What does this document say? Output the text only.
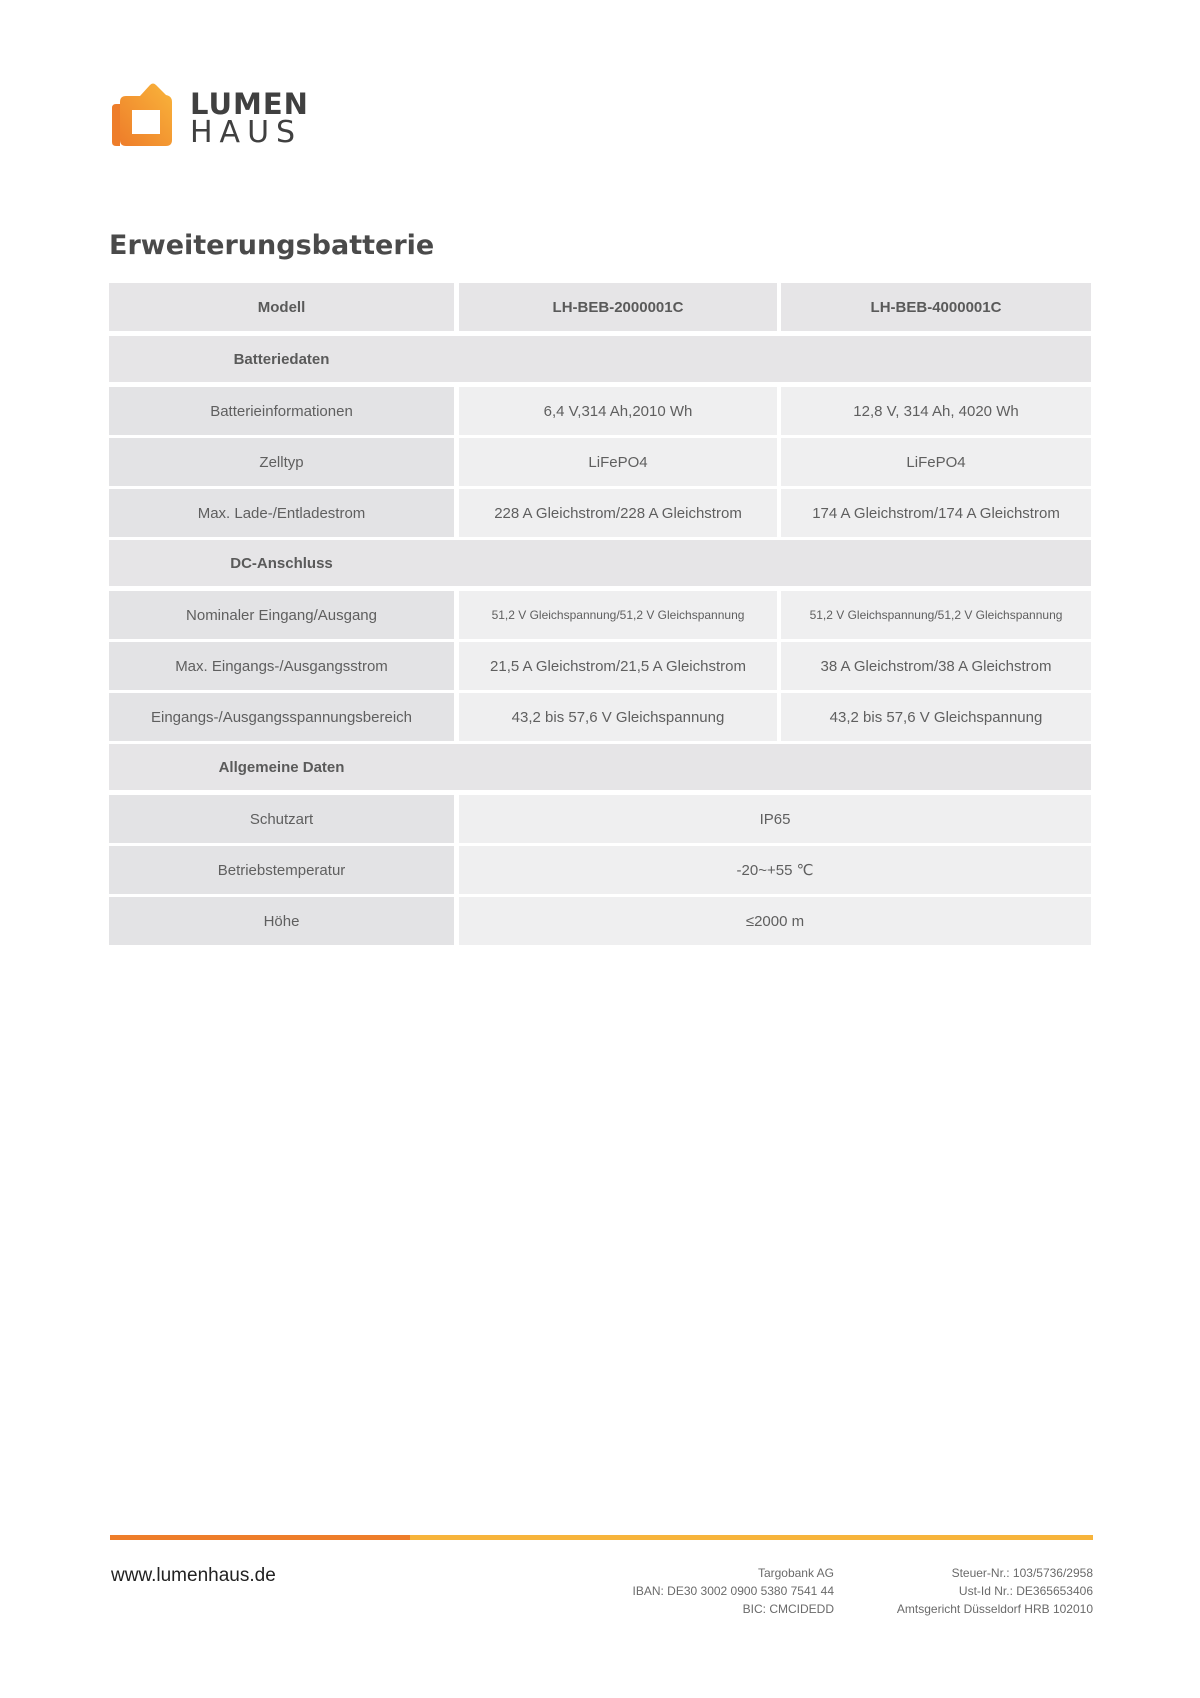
LUMEN
HAUS
Erweiterungsbatterie
Modell	LH-BEB-2000001C	LH-BEB-4000001C
Batteriedaten
Batterieinformationen	6,4 V,314 Ah,2010 Wh	12,8 V, 314 Ah, 4020 Wh
Zelltyp	LiFePO4	LiFePO4
Max. Lade-/Entladestrom	228 A Gleichstrom/228 A Gleichstrom	174 A Gleichstrom/174 A Gleichstrom
DC-Anschluss
Nominaler Eingang/Ausgang	51,2 V Gleichspannung/51,2 V Gleichspannung	51,2 V Gleichspannung/51,2 V Gleichspannung
Max. Eingangs-/Ausgangsstrom	21,5 A Gleichstrom/21,5 A Gleichstrom	38 A Gleichstrom/38 A Gleichstrom
Eingangs-/Ausgangsspannungsbereich	43,2 bis 57,6 V Gleichspannung	43,2 bis 57,6 V Gleichspannung
Allgemeine Daten
Schutzart	IP65
Betriebstemperatur	-20~+55 ℃
Höhe	≤2000 m
www.lumenhaus.de	Targobank AG
IBAN: DE30 3002 0900 5380 7541 44
BIC: CMCIDEDD
Steuer-Nr.: 103/5736/2958
Ust-Id Nr.: DE365653406
Amtsgericht Düsseldorf HRB 102010
